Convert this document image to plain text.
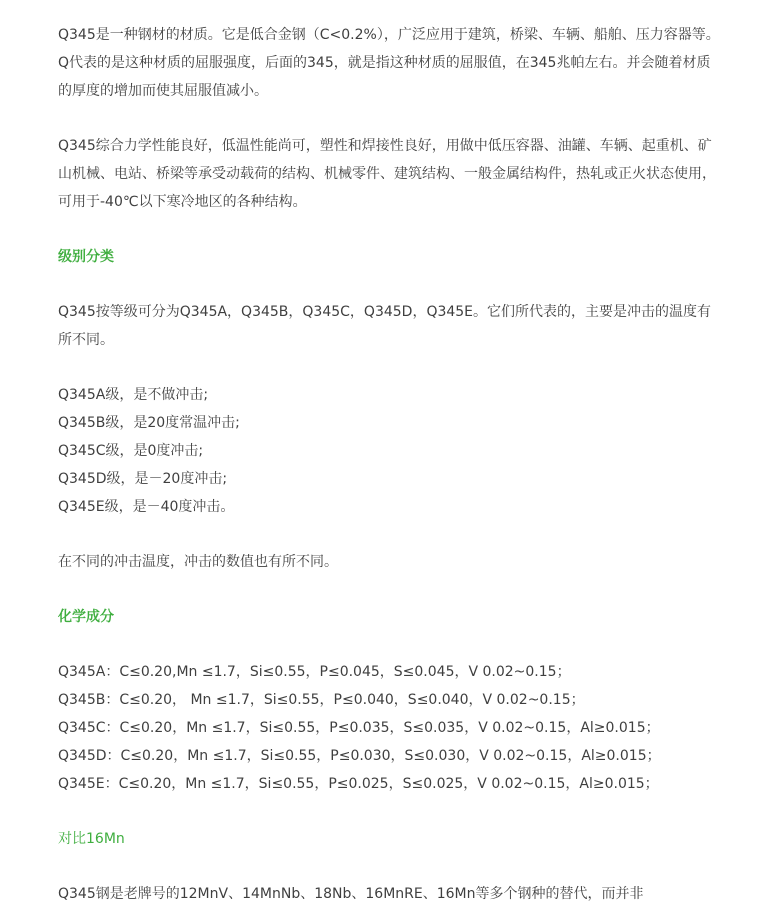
Q345是一种钢材的材质。它是低合金钢（C<0.2%），广泛应用于建筑，桥梁、车辆、船舶、压力容器等。Q代表的是这种材质的屈服强度，后面的345，就是指这种材质的屈服值，在345兆帕左右。并会随着材质的厚度的增加而使其屈服值减小。

Q345综合力学性能良好，低温性能尚可，塑性和焊接性良好，用做中低压容器、油罐、车辆、起重机、矿山机械、电站、桥梁等承受动载荷的结构、机械零件、建筑结构、一般金属结构件，热轧或正火状态使用，可用于-40℃以下寒冷地区的各种结构。

级别分类

Q345按等级可分为Q345A，Q345B，Q345C，Q345D，Q345E。它们所代表的，主要是冲击的温度有所不同。

Q345A级，是不做冲击;

Q345B级，是20度常温冲击;

Q345C级，是0度冲击;

Q345D级，是－20度冲击;

Q345E级，是－40度冲击。

在不同的冲击温度，冲击的数值也有所不同。

化学成分

Q345A：C≤0.20,Mn ≤1.7，Si≤0.55，P≤0.045，S≤0.045，V 0.02~0.15；

Q345B：C≤0.20， Mn ≤1.7，Si≤0.55，P≤0.040，S≤0.040，V 0.02~0.15；

Q345C：C≤0.20，Mn ≤1.7，Si≤0.55，P≤0.035，S≤0.035，V 0.02~0.15，Al≥0.015；

Q345D：C≤0.20，Mn ≤1.7，Si≤0.55，P≤0.030，S≤0.030，V 0.02~0.15，Al≥0.015；

Q345E：C≤0.20，Mn ≤1.7，Si≤0.55，P≤0.025，S≤0.025，V 0.02~0.15，Al≥0.015；

对比16Mn

Q345钢是老牌号的12MnV、14MnNb、18Nb、16MnRE、16Mn等多个钢种的替代，而并非
